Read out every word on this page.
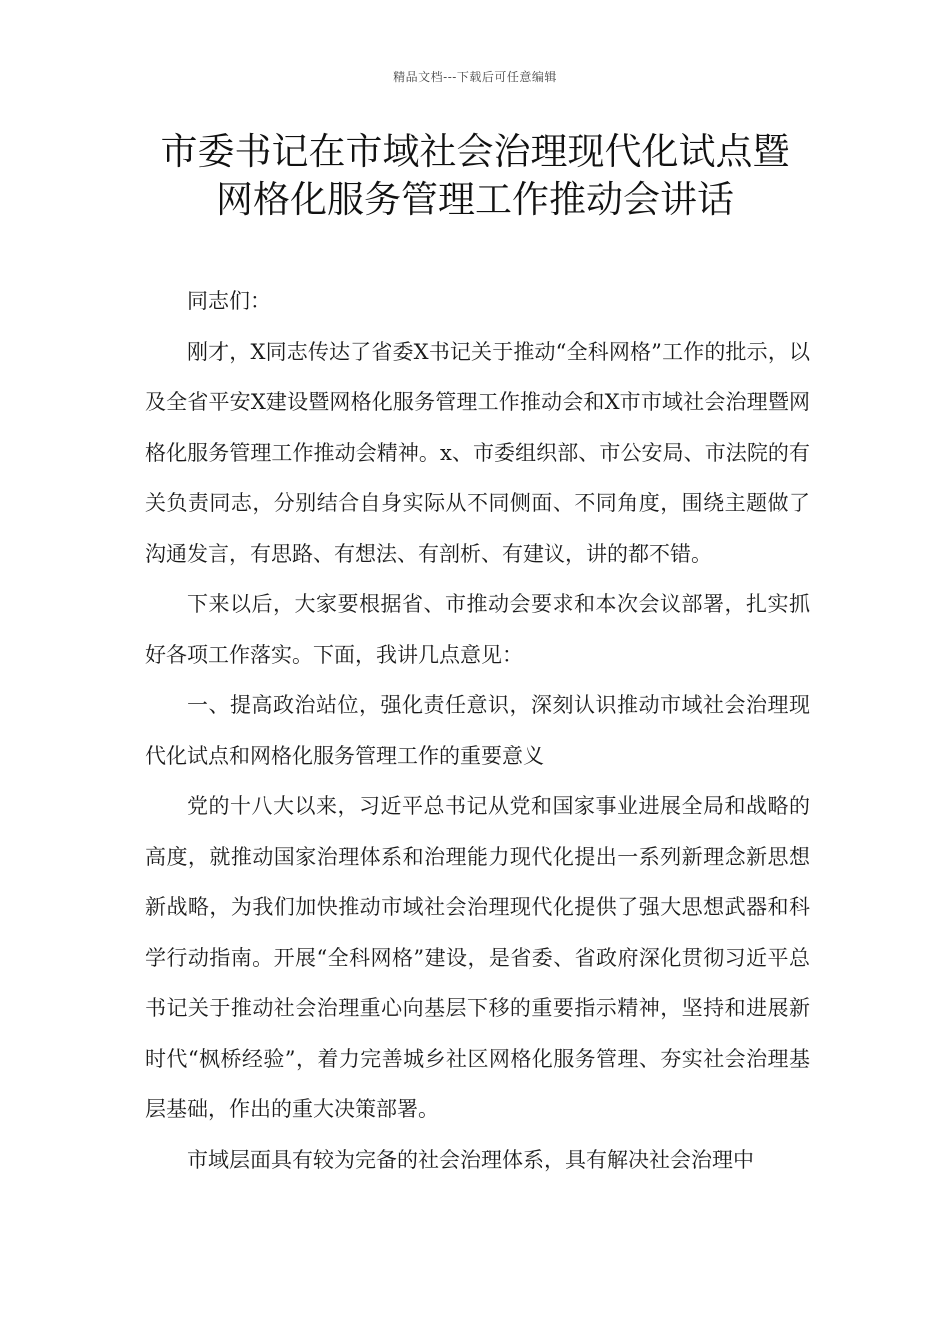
精品文档---下载后可任意编辑
市委书记在市域社会治理现代化试点暨
网格化服务管理工作推动会讲话

同志们：

刚才，X同志传达了省委X书记关于推动“全科网格”工作的批示，以及全省平安X建设暨网格化服务管理工作推动会和X市市域社会治理暨网格化服务管理工作推动会精神。x、市委组织部、市公安局、市法院的有关负责同志，分别结合自身实际从不同侧面、不同角度，围绕主题做了沟通发言，有思路、有想法、有剖析、有建议，讲的都不错。

下来以后，大家要根据省、市推动会要求和本次会议部署，扎实抓好各项工作落实。下面，我讲几点意见：

一、提高政治站位，强化责任意识，深刻认识推动市域社会治理现代化试点和网格化服务管理工作的重要意义

党的十八大以来，习近平总书记从党和国家事业进展全局和战略的高度，就推动国家治理体系和治理能力现代化提出一系列新理念新思想新战略，为我们加快推动市域社会治理现代化提供了强大思想武器和科学行动指南。开展“全科网格”建设，是省委、省政府深化贯彻习近平总书记关于推动社会治理重心向基层下移的重要指示精神，坚持和进展新时代“枫桥经验”，着力完善城乡社区网格化服务管理、夯实社会治理基层基础，作出的重大决策部署。

市域层面具有较为完备的社会治理体系，具有解决社会治理中
